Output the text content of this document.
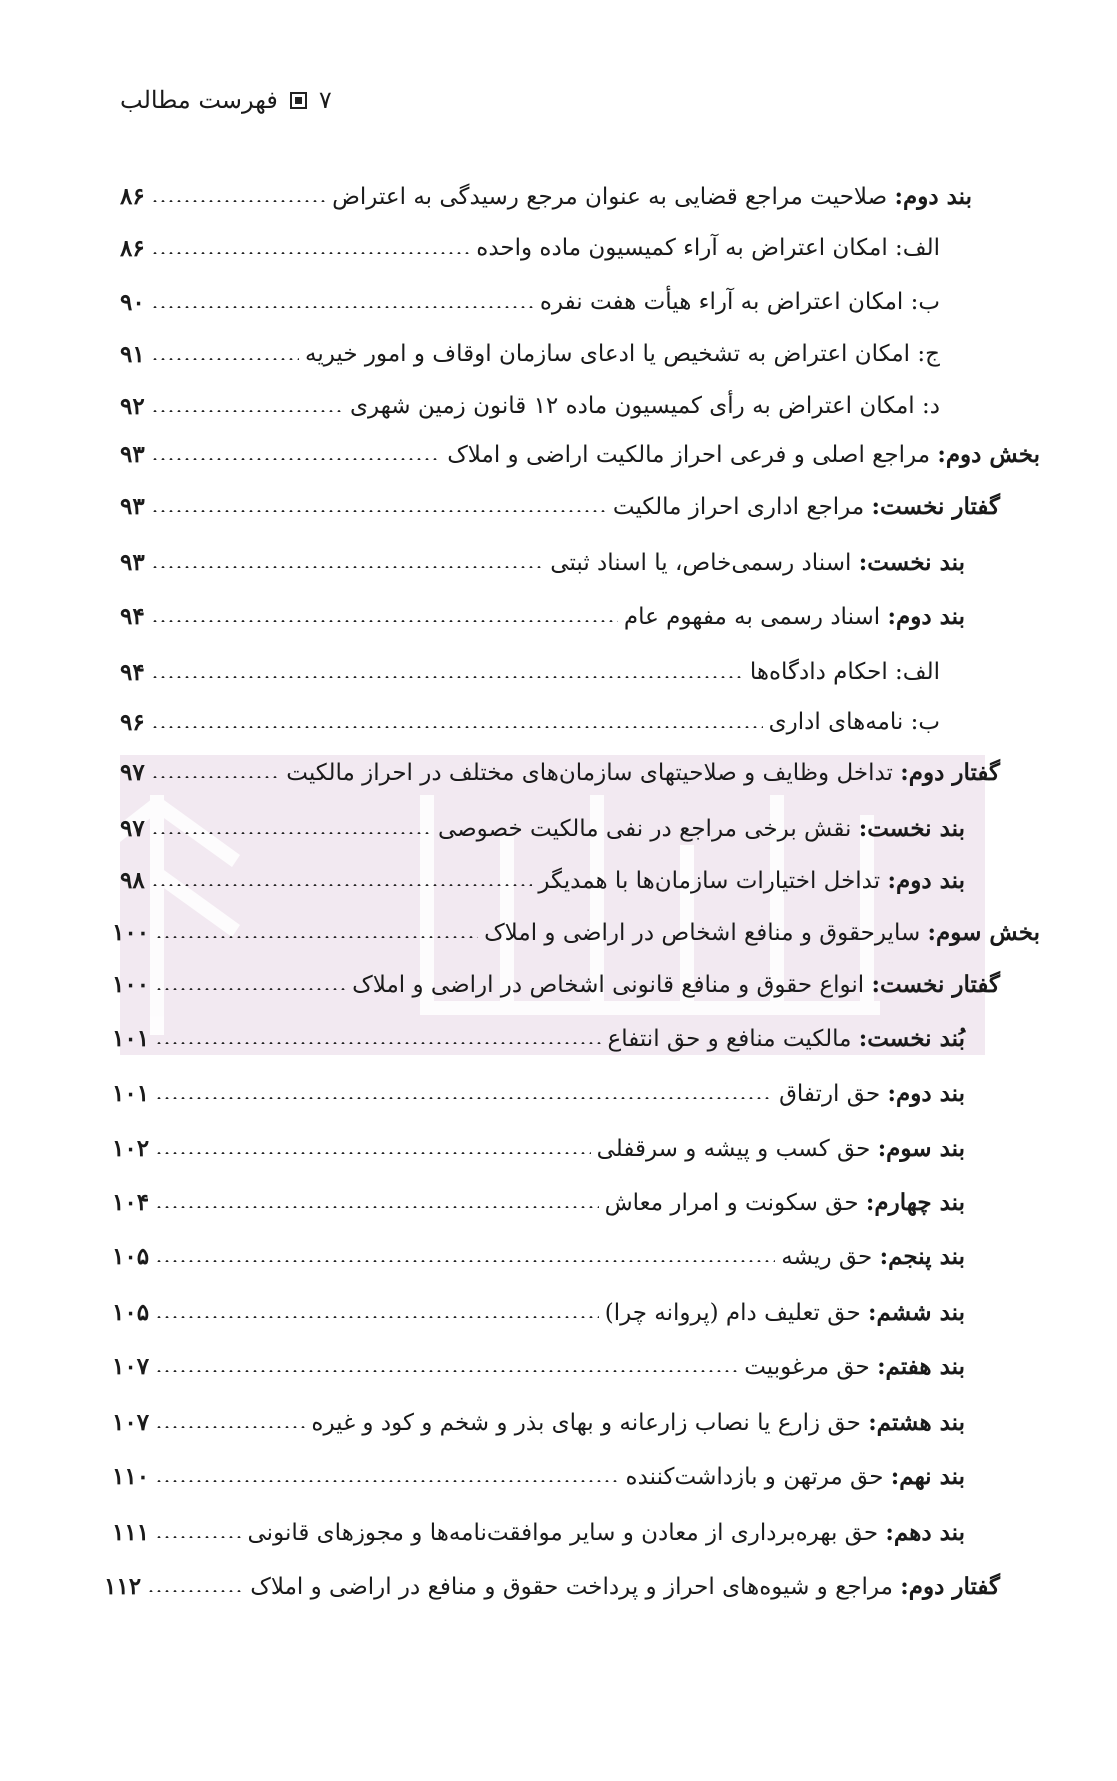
فهرست مطالب ۷
۸۶	بند دوم: صلاحیت مراجع قضایی به عنوان مرجع رسیدگی به اعتراض
۸۶	الف: امکان اعتراض به آراء کمیسیون ماده واحده
۹۰	ب: امکان اعتراض به آراء هیأت هفت نفره
۹۱	ج: امکان اعتراض به تشخیص یا ادعای سازمان اوقاف و امور خیریه
۹۲	د: امکان اعتراض به رأی کمیسیون ماده ۱۲ قانون زمین شهری
۹۳	بخش دوم: مراجع اصلی و فرعی احراز مالکیت اراضی و املاک
۹۳	گفتار نخست: مراجع اداری احراز مالکیت
۹۳	بند نخست: اسناد رسمی‌خاص، یا اسناد ثبتی
۹۴	بند دوم: اسناد رسمی به مفهوم عام
۹۴	الف: احکام دادگاه‌ها
۹۶	ب: نامه‌های اداری
۹۷	گفتار دوم: تداخل وظایف و صلاحیتهای سازمان‌های مختلف در احراز مالکیت
۹۷	بند نخست: نقش برخی مراجع در نفی مالکیت خصوصی
۹۸	بند دوم: تداخل اختیارات سازمان‌ها با همدیگر
۱۰۰	بخش سوم: سایرحقوق و منافع اشخاص در اراضی و املاک
۱۰۰	گفتار نخست: انواع حقوق و منافع قانونی اشخاص در اراضی و املاک
۱۰۱	بُند نخست: مالکیت منافع و حق انتفاع
۱۰۱	بند دوم: حق ارتفاق
۱۰۲	بند سوم: حق کسب و پیشه و سرقفلی
۱۰۴	بند چهارم: حق سکونت و امرار معاش
۱۰۵	بند پنجم: حق ریشه
۱۰۵	بند ششم: حق تعلیف دام (پروانه چرا)
۱۰۷	بند هفتم: حق مرغوبیت
۱۰۷	بند هشتم: حق زارع یا نصاب زارعانه و بهای بذر و شخم و کود و غیره
۱۱۰	بند نهم: حق مرتهن و بازداشت‌کننده
۱۱۱	بند دهم: حق بهره‌برداری از معادن و سایر موافقت‌نامه‌ها و مجوزهای قانونی
۱۱۲	گفتار دوم: مراجع و شیوه‌های احراز و پرداخت حقوق و منافع در اراضی و املاک
